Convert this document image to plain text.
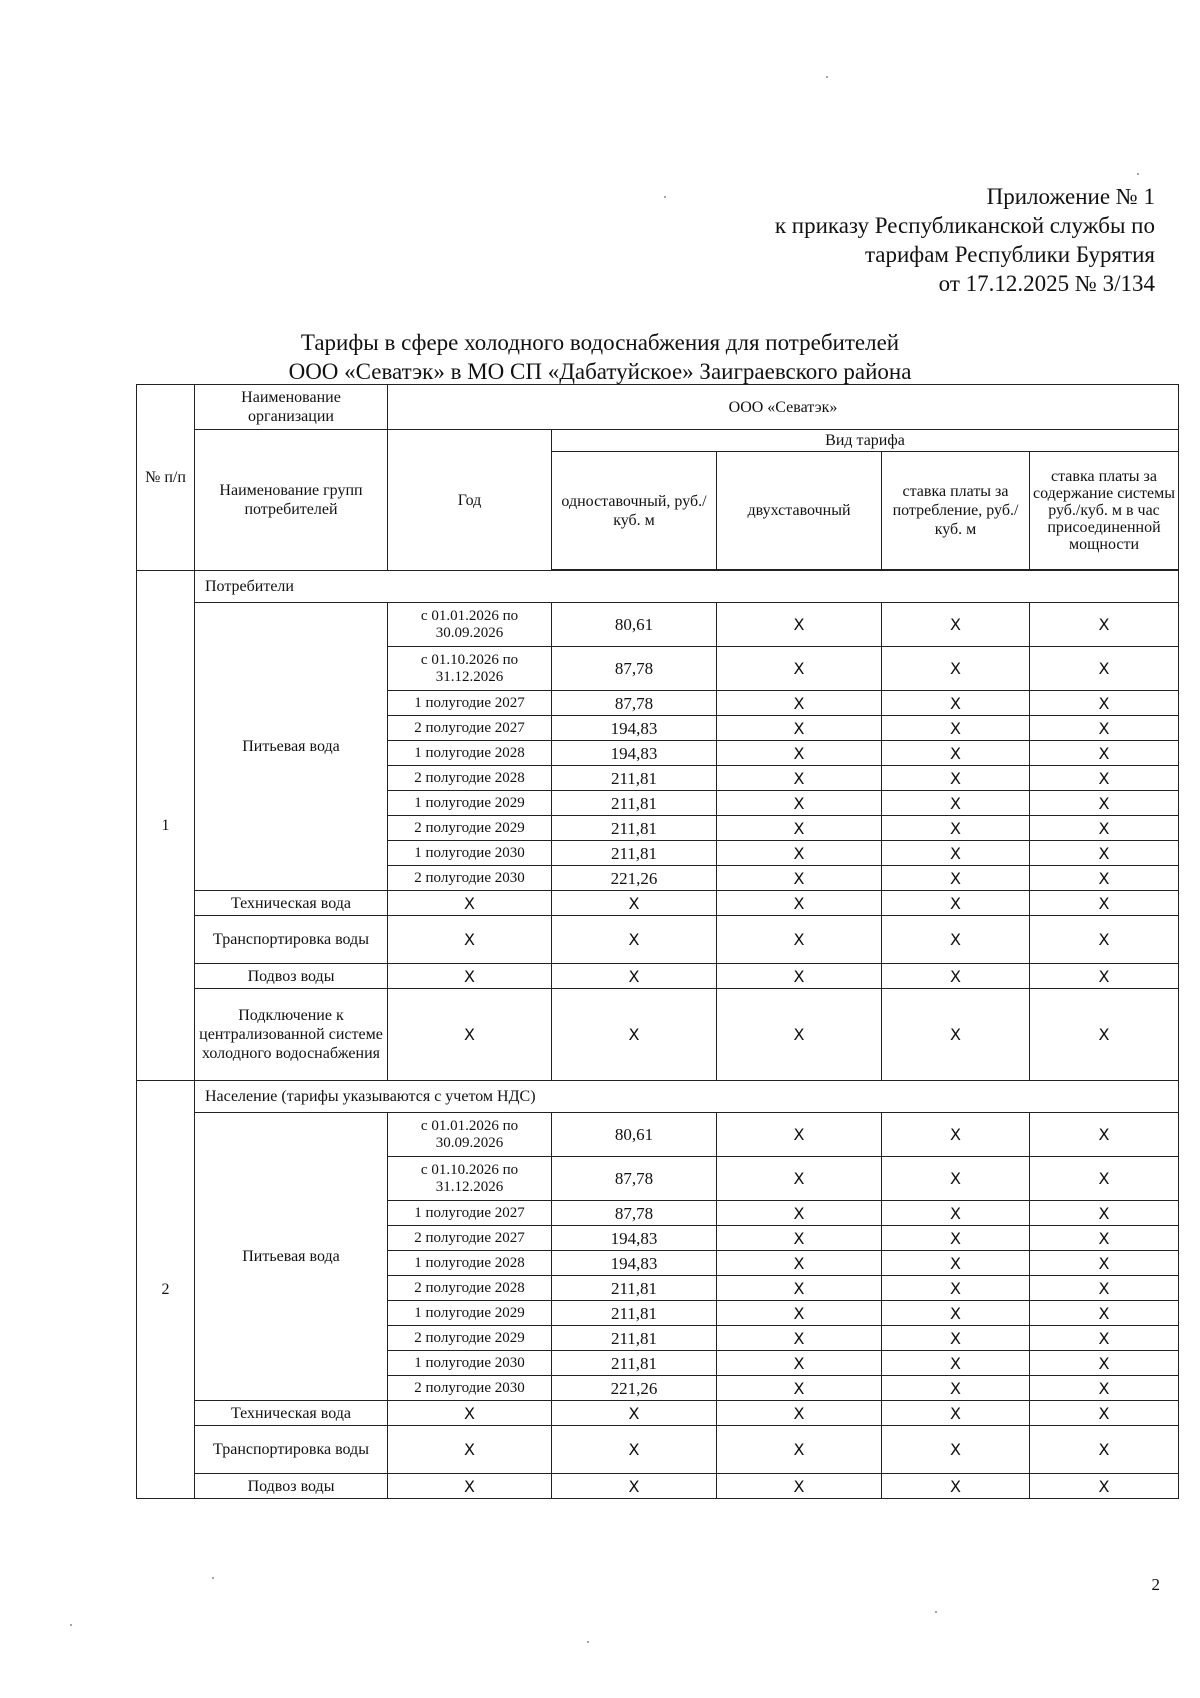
Приложение № 1
к приказу Республиканской службы по
тарифам Республики Бурятия
от 17.12.2025 № 3/134
Тарифы в сфере холодного водоснабжения для потребителей
ООО «Севатэк» в МО СП «Дабатуйское» Заиграевского района
№ п/п	Наименование организации	ООО «Севатэк»				
	Наименование групп потребителей	Год	Вид тарифа			
			одноставочный, руб./ куб. м	двухставочный	ставка платы за потребление, руб./ куб. м	ставка платы за содержание системы руб./куб. м в час присоединенной мощности

1	Потребители					
	Питьевая вода	с 01.01.2026 по 30.09.2026	80,61	X	X	X
		с 01.10.2026 по 31.12.2026	87,78	X	X	X
		1 полугодие 2027	87,78	X	X	X
		2 полугодие 2027	194,83	X	X	X
		1 полугодие 2028	194,83	X	X	X
		2 полугодие 2028	211,81	X	X	X
		1 полугодие 2029	211,81	X	X	X
		2 полугодие 2029	211,81	X	X	X
		1 полугодие 2030	211,81	X	X	X
		2 полугодие 2030	221,26	X	X	X
	Техническая вода	X	X	X	X	X
	Транспортировка воды	X	X	X	X	X
	Подвоз воды	X	X	X	X	X
	Подключение к централизованной системе холодного водоснабжения	X	X	X	X	X
2	Население (тарифы указываются с учетом НДС)					
	Питьевая вода	с 01.01.2026 по 30.09.2026	80,61	X	X	X
		с 01.10.2026 по 31.12.2026	87,78	X	X	X
		1 полугодие 2027	87,78	X	X	X
		2 полугодие 2027	194,83	X	X	X
		1 полугодие 2028	194,83	X	X	X
		2 полугодие 2028	211,81	X	X	X
		1 полугодие 2029	211,81	X	X	X
		2 полугодие 2029	211,81	X	X	X
		1 полугодие 2030	211,81	X	X	X
		2 полугодие 2030	221,26	X	X	X
	Техническая вода	X	X	X	X	X
	Транспортировка воды	X	X	X	X	X
	Подвоз воды	X	X	X	X	X
2
